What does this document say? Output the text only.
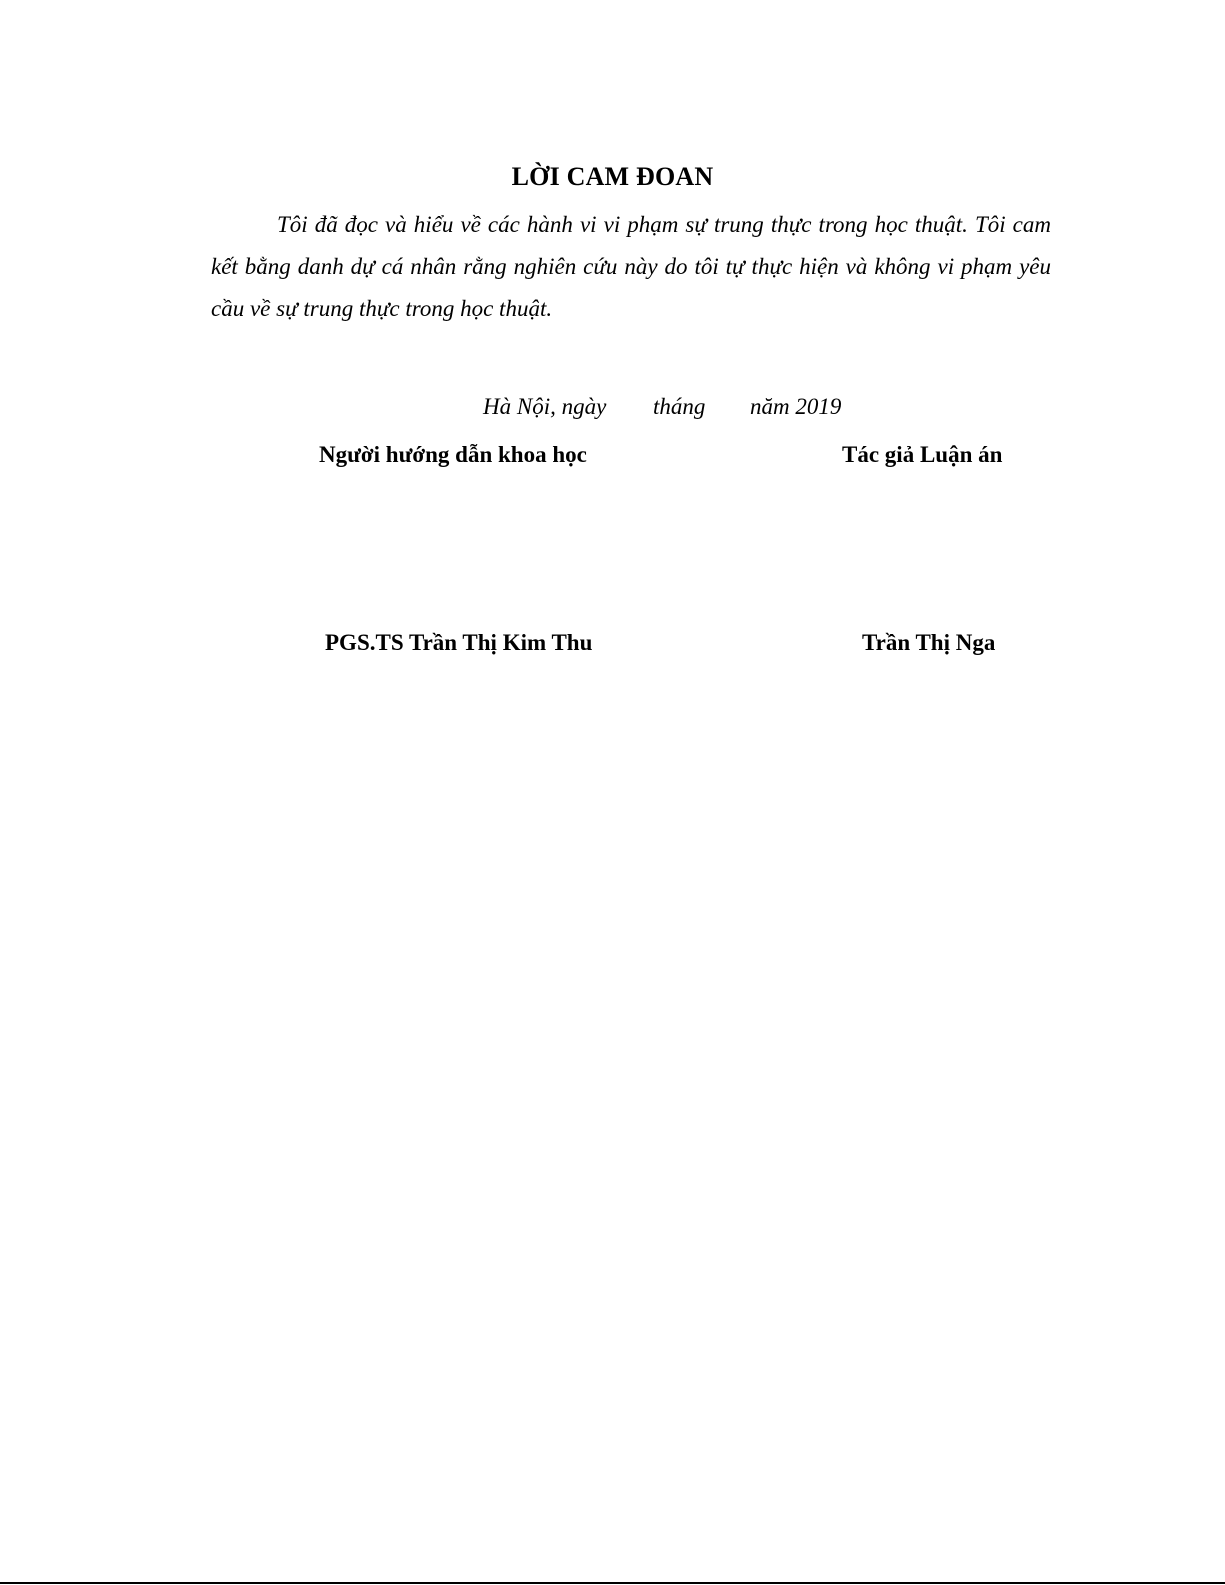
LỜI CAM ĐOAN

Tôi đã đọc và hiểu về các hành vi vi phạm sự trung thực trong học thuật. Tôi cam kết bằng danh dự cá nhân rằng nghiên cứu này do tôi tự thực hiện và không vi phạm yêu cầu về sự trung thực trong học thuật.

Hà Nội, ngày tháng năm 2019
Người hướng dẫn khoa học	Tác giả Luận án
PGS.TS Trần Thị Kim Thu	Trần Thị Nga
